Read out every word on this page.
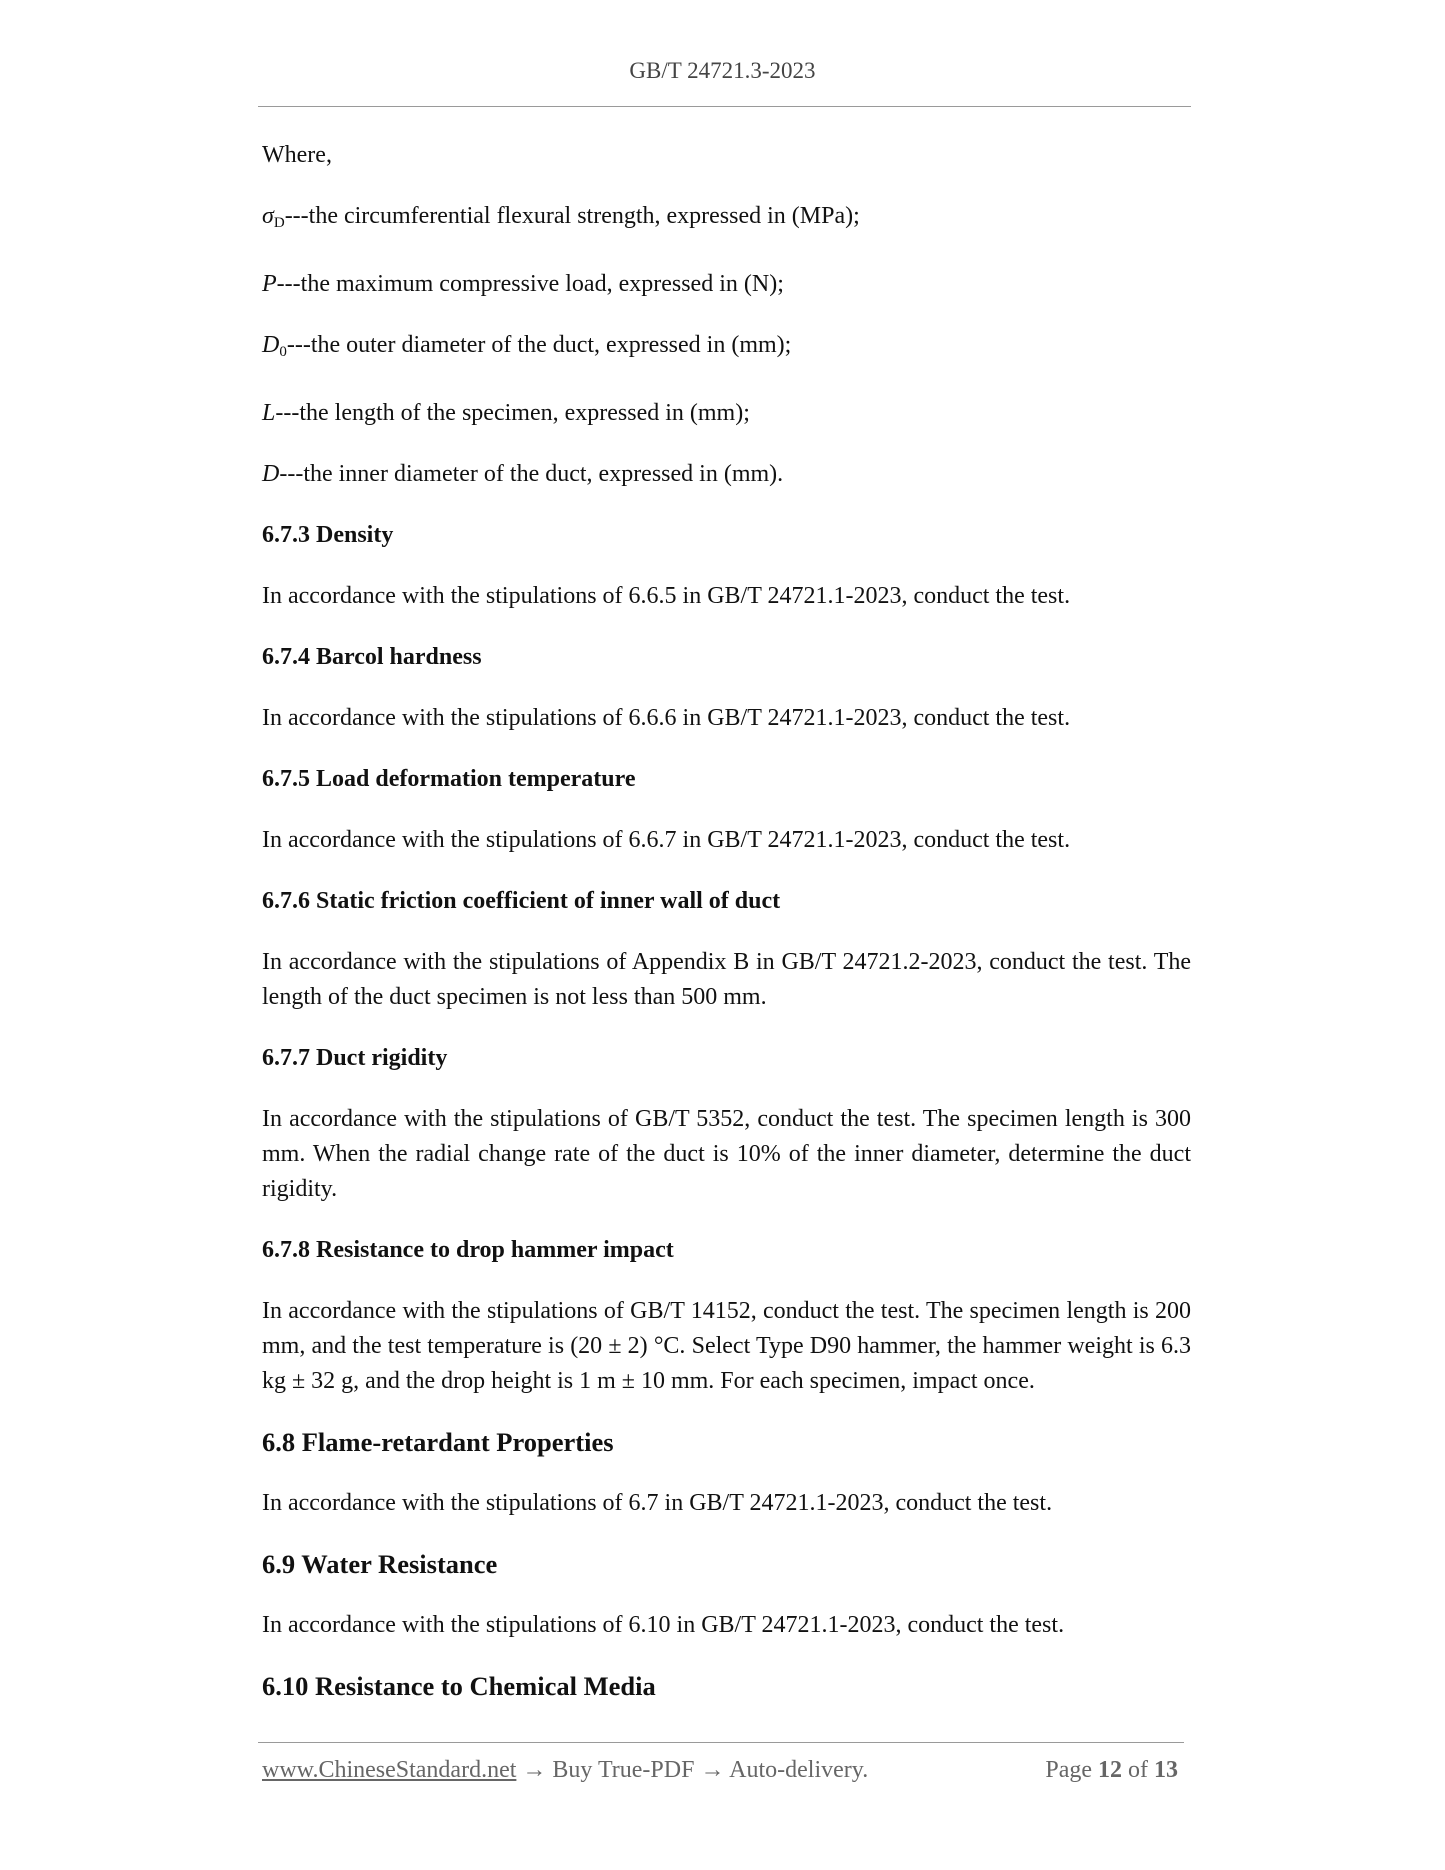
GB/T 24721.3-2023

Where,

$\sigma_D--$-the circumferential flexural strength, expressed in (MPa);

P---the maximum compressive load, expressed in (N);

$D_0--$-the outer diameter of the duct, expressed in (mm);

L---the length of the specimen, expressed in (mm);

D---the inner diameter of the duct, expressed in (mm).

6.7.3 Density

In accordance with the stipulations of 6.6.5 in GB/T 24721.1-2023, conduct the test.

6.7.4 Barcol hardness

In accordance with the stipulations of 6.6.6 in GB/T 24721.1-2023, conduct the test.

6.7.5 Load deformation temperature

In accordance with the stipulations of 6.6.7 in GB/T 24721.1-2023, conduct the test.

6.7.6 Static friction coefficient of inner wall of duct

In accordance with the stipulations of Appendix B in GB/T 24721.2-2023, conduct the test. The length of the duct specimen is not less than 500 mm.

6.7.7 Duct rigidity

In accordance with the stipulations of GB/T 5352, conduct the test. The specimen length is 300 mm. When the radial change rate of the duct is 10% of the inner diameter, determine the duct rigidity.

6.7.8 Resistance to drop hammer impact

In accordance with the stipulations of GB/T 14152, conduct the test. The specimen length is 200 mm, and the test temperature is (20 ± 2) °C. Select Type D90 hammer, the hammer weight is 6.3 kg ± 32 g, and the drop height is 1 m ± 10 mm. For each specimen, impact once.

6.8 Flame-retardant Properties

In accordance with the stipulations of 6.7 in GB/T 24721.1-2023, conduct the test.

6.9 Water Resistance

In accordance with the stipulations of 6.10 in GB/T 24721.1-2023, conduct the test.

6.10 Resistance to Chemical Media

www.ChineseStandard.net → Buy True-PDF → Auto-delivery.	Page 12 of 13
